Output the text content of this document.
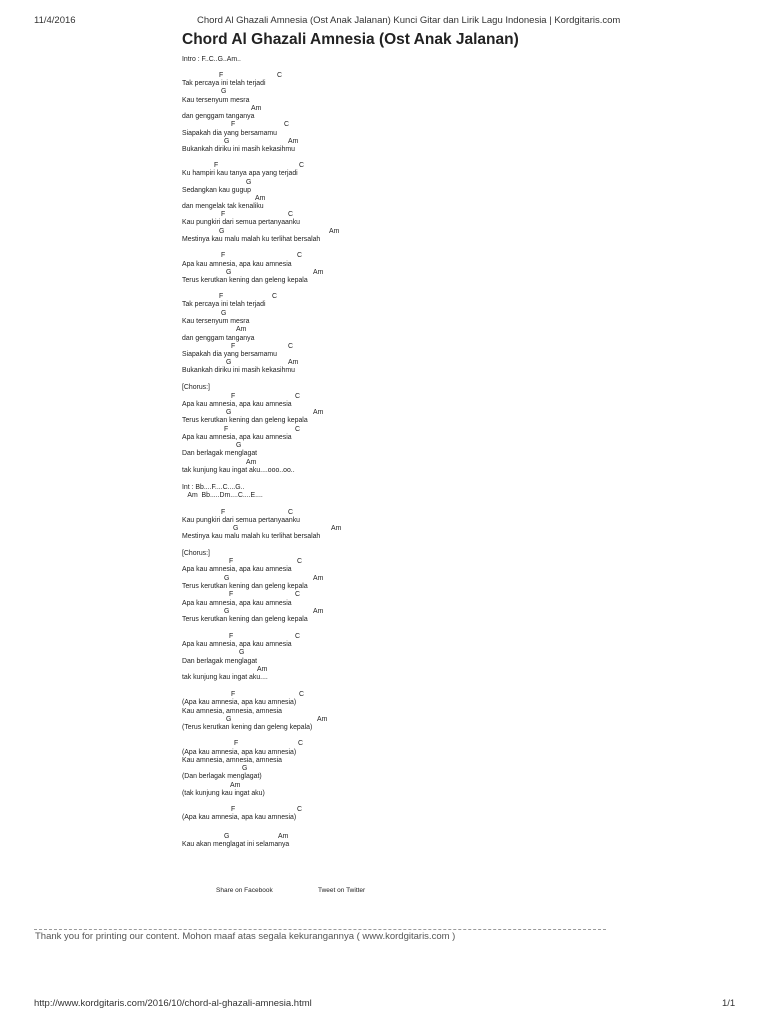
11/4/2016	Chord Al Ghazali Amnesia (Ost Anak Jalanan) Kunci Gitar dan Lirik Lagu Indonesia | Kordgitaris.com
Chord Al Ghazali Amnesia (Ost Anak Jalanan)
Intro : F..C..G..Am..
F	C
Tak percaya ini telah terjadi
G
Kau tersenyum mesra
Am
dan genggam tanganya
F	C
Siapakah dia yang bersamamu
G	Am
Bukankah diriku ini masih kekasihmu
F	C
Ku hampiri kau tanya apa yang terjadi
G
Sedangkan kau gugup
Am
dan mengelak tak kenaliku
F	C
Kau pungkiri dari semua pertanyaanku
G	Am
Mestinya kau malu malah ku terlihat bersalah
F	C
Apa kau amnesia, apa kau amnesia
G	Am
Terus kerutkan kening dan geleng kepala
F	C
Tak percaya ini telah terjadi
G
Kau tersenyum mesra
Am
dan genggam tanganya
F	C
Siapakah dia yang bersamamu
G	Am
Bukankah diriku ini masih kekasihmu
[Chorus:]
F	C
Apa kau amnesia, apa kau amnesia
G	Am
Terus kerutkan kening dan geleng kepala
F	C
Apa kau amnesia, apa kau amnesia
G
Dan berlagak menglagat
Am
tak kunjung kau ingat aku....ooo..oo..
Int : Bb....F....C....G..
Am  Bb.....Dm....C....E....
F	C
Kau pungkiri dari semua pertanyaanku
G	Am
Mestinya kau malu malah ku terlihat bersalah
[Chorus:]
F	C
Apa kau amnesia, apa kau amnesia
G	Am
Terus kerutkan kening dan geleng kepala
F	C
Apa kau amnesia, apa kau amnesia
G	Am
Terus kerutkan kening dan geleng kepala
F	C
Apa kau amnesia, apa kau amnesia
G
Dan berlagak menglagat
Am
tak kunjung kau ingat aku....
F	C
(Apa kau amnesia, apa kau amnesia)
Kau amnesia, amnesia, amnesia
G	Am
(Terus kerutkan kening dan geleng kepala)
F	C
(Apa kau amnesia, apa kau amnesia)
Kau amnesia, amnesia, amnesia
G
(Dan berlagak menglagat)
Am
(tak kunjung kau ingat aku)
F	C
(Apa kau amnesia, apa kau amnesia)
G	Am
Kau akan menglagat ini selamanya
Share on Facebook	Tweet on Twitter
Thank you for printing our content. Mohon maaf atas segala kekurangannya ( www.kordgitaris.com )
http://www.kordgitaris.com/2016/10/chord-al-ghazali-amnesia.html	1/1
